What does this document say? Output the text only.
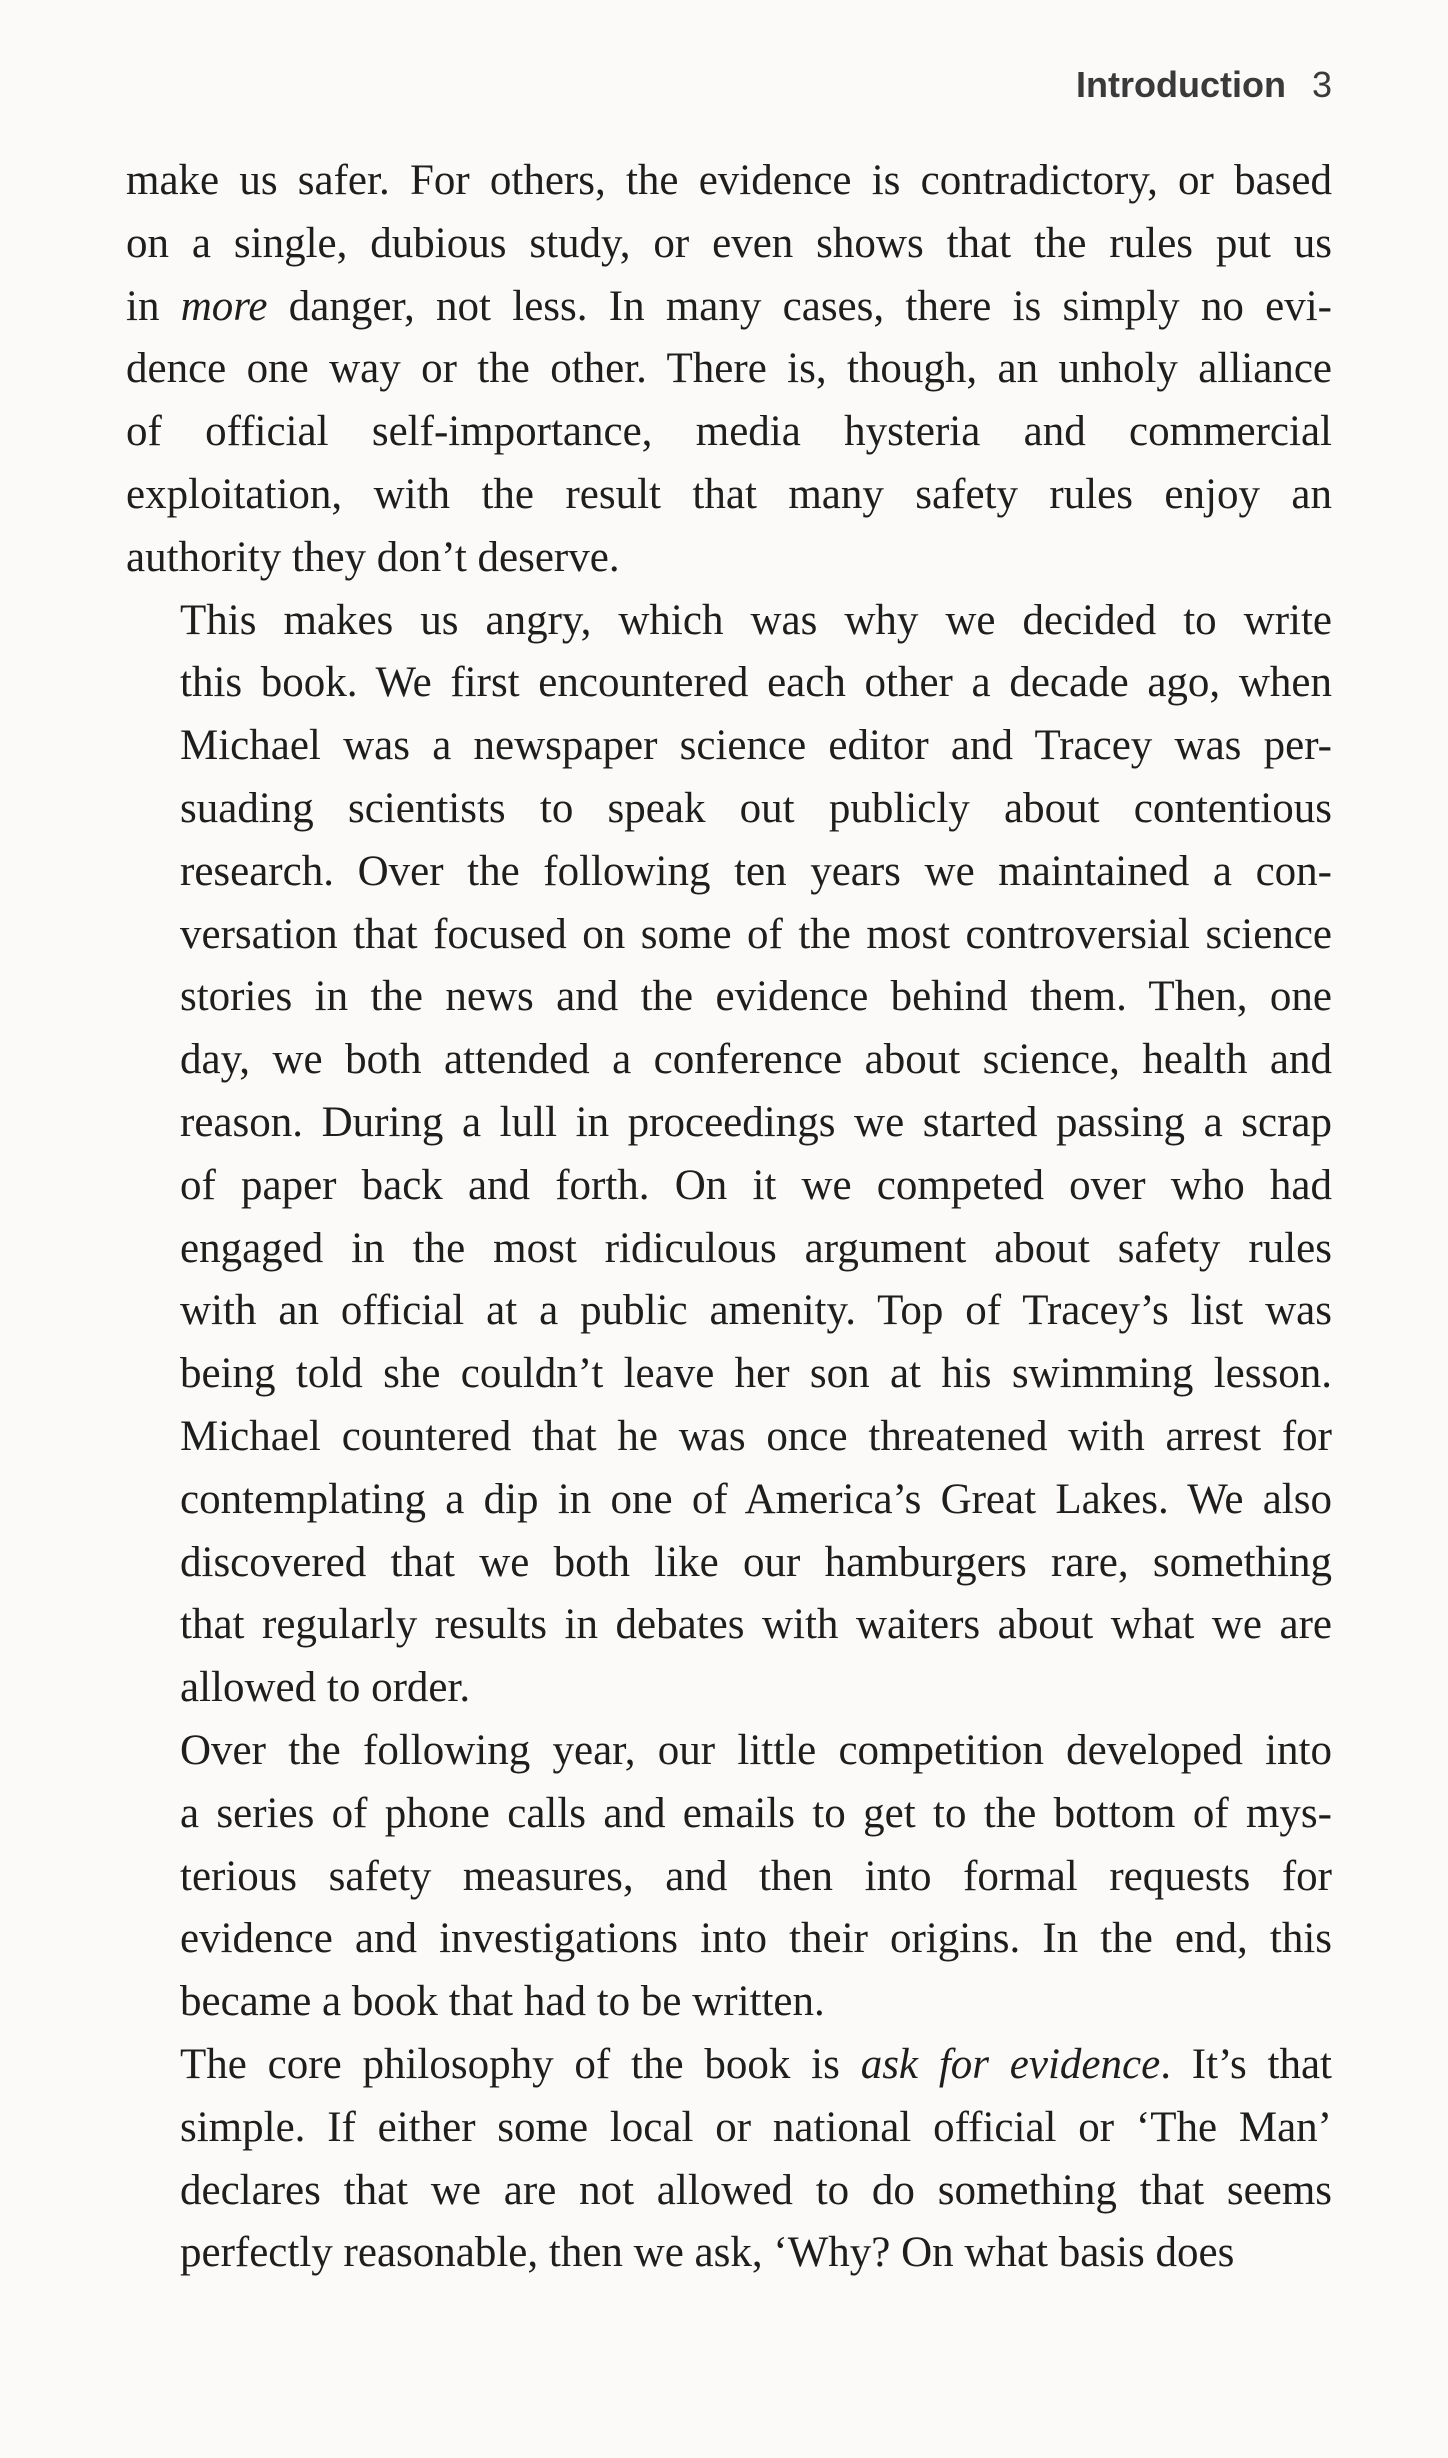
Introduction 3

make us safer. For others, the evidence is contradictory, or based
on a single, dubious study, or even shows that the rules put us
in more danger, not less. In many cases, there is simply no evi-
dence one way or the other. There is, though, an unholy alliance
of official self-importance, media hysteria and commercial
exploitation, with the result that many safety rules enjoy an
authority they don’t deserve.

This makes us angry, which was why we decided to write
this book. We first encountered each other a decade ago, when
Michael was a newspaper science editor and Tracey was per-
suading scientists to speak out publicly about contentious
research. Over the following ten years we maintained a con-
versation that focused on some of the most controversial science
stories in the news and the evidence behind them. Then, one
day, we both attended a conference about science, health and
reason. During a lull in proceedings we started passing a scrap
of paper back and forth. On it we competed over who had
engaged in the most ridiculous argument about safety rules
with an official at a public amenity. Top of Tracey’s list was
being told she couldn’t leave her son at his swimming lesson.
Michael countered that he was once threatened with arrest for
contemplating a dip in one of America’s Great Lakes. We also
discovered that we both like our hamburgers rare, something
that regularly results in debates with waiters about what we are
allowed to order.

Over the following year, our little competition developed into
a series of phone calls and emails to get to the bottom of mys-
terious safety measures, and then into formal requests for
evidence and investigations into their origins. In the end, this
became a book that had to be written.

The core philosophy of the book is ask for evidence. It’s that
simple. If either some local or national official or ‘The Man’
declares that we are not allowed to do something that seems
perfectly reasonable, then we ask, ‘Why? On what basis does
